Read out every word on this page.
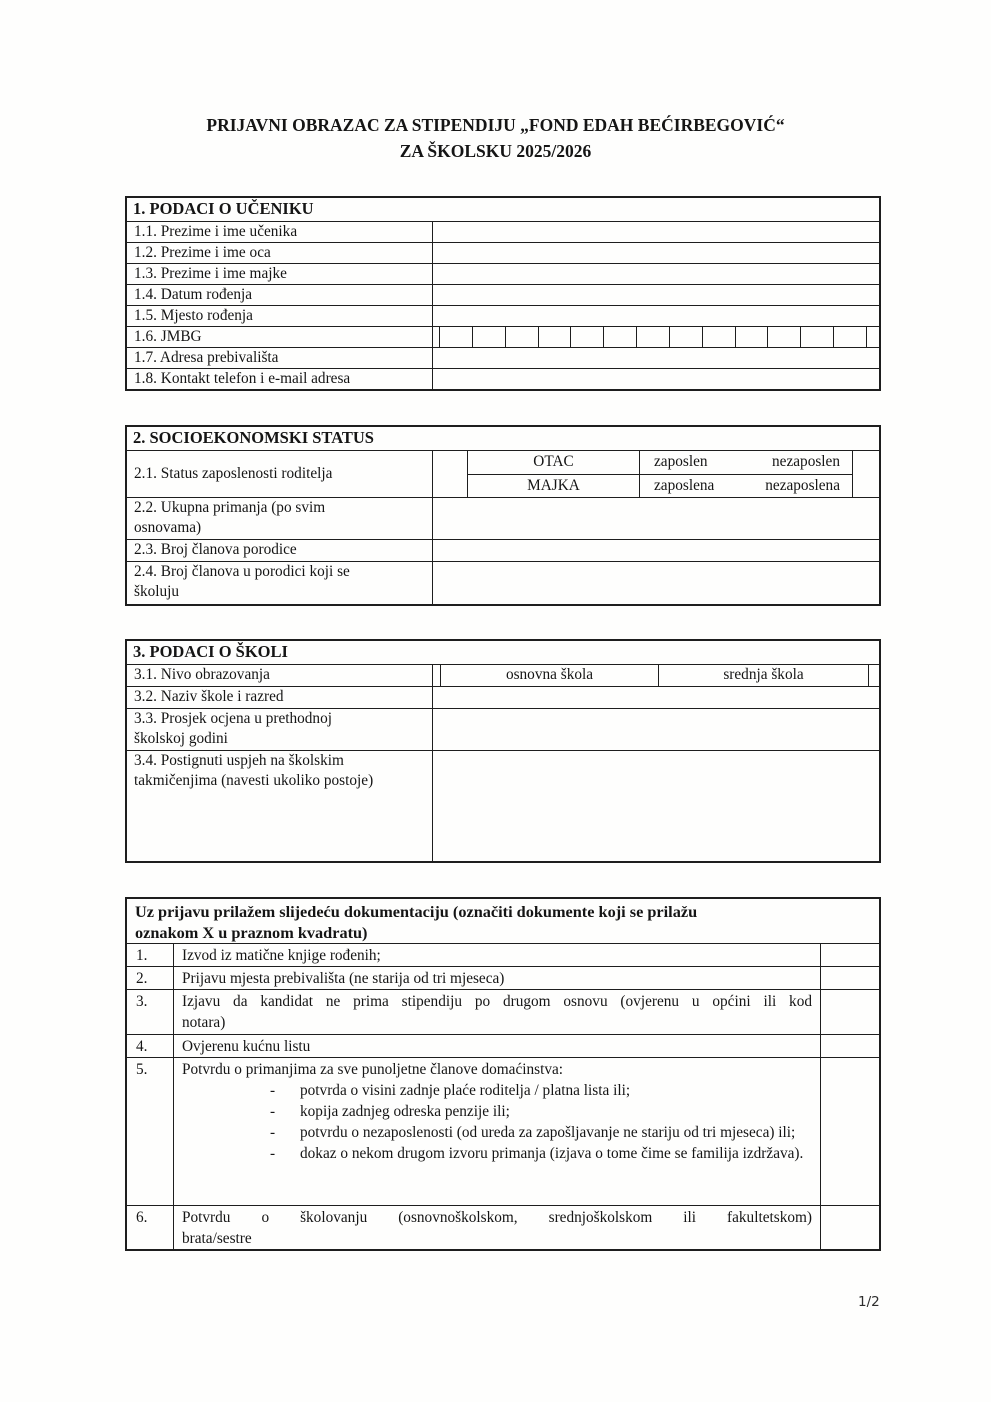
PRIJAVNI OBRAZAC ZA STIPENDIJU „FOND EDAH BEĆIRBEGOVIĆ“
ZA ŠKOLSKU 2025/2026
1. PODACI O UČENIKU
1.1. Prezime i ime učenika
1.2. Prezime i ime oca
1.3. Prezime i ime majke
1.4. Datum rođenja
1.5. Mjesto rođenja
1.6. JMBG
1.7. Adresa prebivališta
1.8. Kontakt telefon i e-mail adresa
2. SOCIOEKONOMSKI STATUS
2.1. Status zaposlenosti roditelja
OTAC	zaposlen	nezaposlen
MAJKA	zaposlena	nezaposlena
2.2. Ukupna primanja (po svim osnovama)
2.3. Broj članova porodice
2.4. Broj članova u porodici koji se školuju
3. PODACI O ŠKOLI
3.1. Nivo obrazovanja	osnovna škola	srednja škola
3.2. Naziv škole i razred
3.3. Prosjek ocjena u prethodnoj školskoj godini
3.4. Postignuti uspjeh na školskim takmičenjima (navesti ukoliko postoje)
Uz prijavu prilažem slijedeću dokumentaciju (označiti dokumente koji se prilažu
oznakom X u praznom kvadratu)
1.	Izvod iz matične knjige rođenih;
2.	Prijavu mjesta prebivališta (ne starija od tri mjeseca)
3.	Izjavu da kandidat ne prima stipendiju po drugom osnovu (ovjerenu u općini ili kod
notara)
4.	Ovjerenu kućnu listu
5.	Potvrdu o primanjima za sve punoljetne članove domaćinstva:
- potvrda o visini zadnje plaće roditelja / platna lista ili;
- kopija zadnjeg odreska penzije ili;
- potvrdu o nezaposlenosti (od ureda za zapošljavanje ne stariju od tri mjeseca) ili;
- dokaz o nekom drugom izvoru primanja (izjava o tome čime se familija izdržava).
6.	Potvrdu o školovanju (osnovnoškolskom, srednjoškolskom ili fakultetskom)
brata/sestre
1/2
